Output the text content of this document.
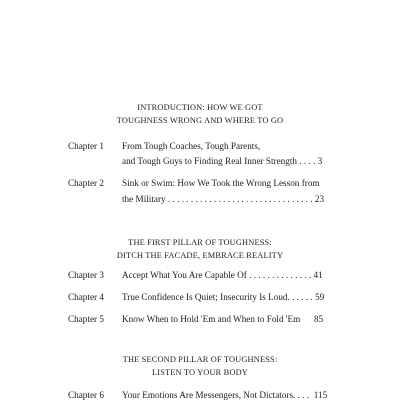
INTRODUCTION: HOW WE GOT
TOUGHNESS WRONG AND WHERE TO GO
Chapter 1 From Tough Coaches, Tough Parents,
and Tough Guys to Finding Real Inner Strength . . . . 3
Chapter 2 Sink or Swim: How We Took the Wrong Lesson from
the Military . . . . . . . . . . . . . . . . . . . . . . . . . . . . . . . . 23
THE FIRST PILLAR OF TOUGHNESS:
DITCH THE FACADE, EMBRACE REALITY
Chapter 3 Accept What You Are Capable Of . . . . . . . . . . . . . . 41
Chapter 4 True Confidence Is Quiet; Insecurity Is Loud. . . . . . 59
Chapter 5 Know When to Hold 'Em and When to Fold 'Em      85
THE SECOND PILLAR OF TOUGHNESS:
LISTEN TO YOUR BODY
Chapter 6 Your Emotions Are Messengers, Not Dictators. . . .  115
